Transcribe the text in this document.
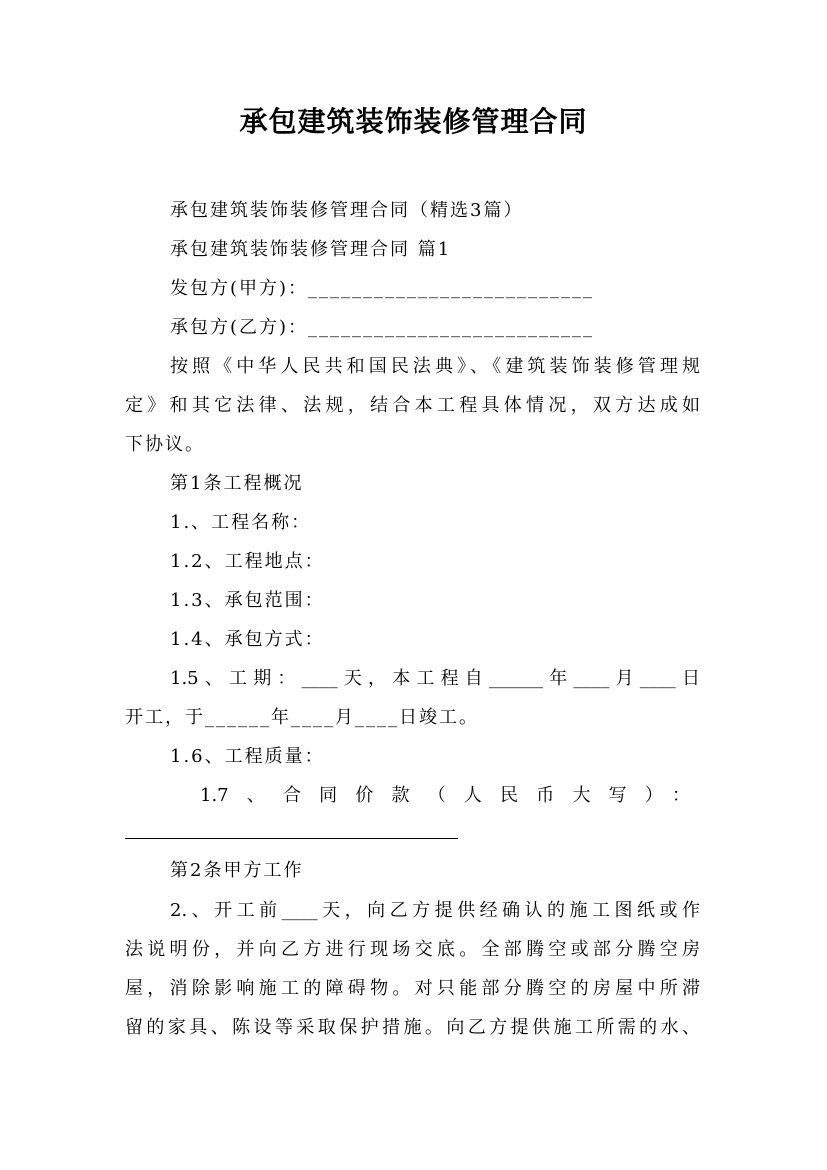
承包建筑装饰装修管理合同
承包建筑装饰装修管理合同（精选3篇）
承包建筑装饰装修管理合同 篇1
发包方(甲方)：__________________________
承包方(乙方)：__________________________
按照《中华人民共和国民法典》、《建筑装饰装修管理规
定》和其它法律、法规，结合本工程具体情况，双方达成如
下协议。
第1条工程概况
1.、工程名称：
1.2、工程地点：
1.3、承包范围：
1.4、承包方式：
1.5、工期：____天，本工程自______年____月____日
开工，于______年____月____日竣工。
1.6、工程质量：
1.7、合同价款（人民币大写）：
第2条甲方工作
2.、开工前____天，向乙方提供经确认的施工图纸或作
法说明份，并向乙方进行现场交底。全部腾空或部分腾空房
屋，消除影响施工的障碍物。对只能部分腾空的房屋中所滞
留的家具、陈设等采取保护措施。向乙方提供施工所需的水、
